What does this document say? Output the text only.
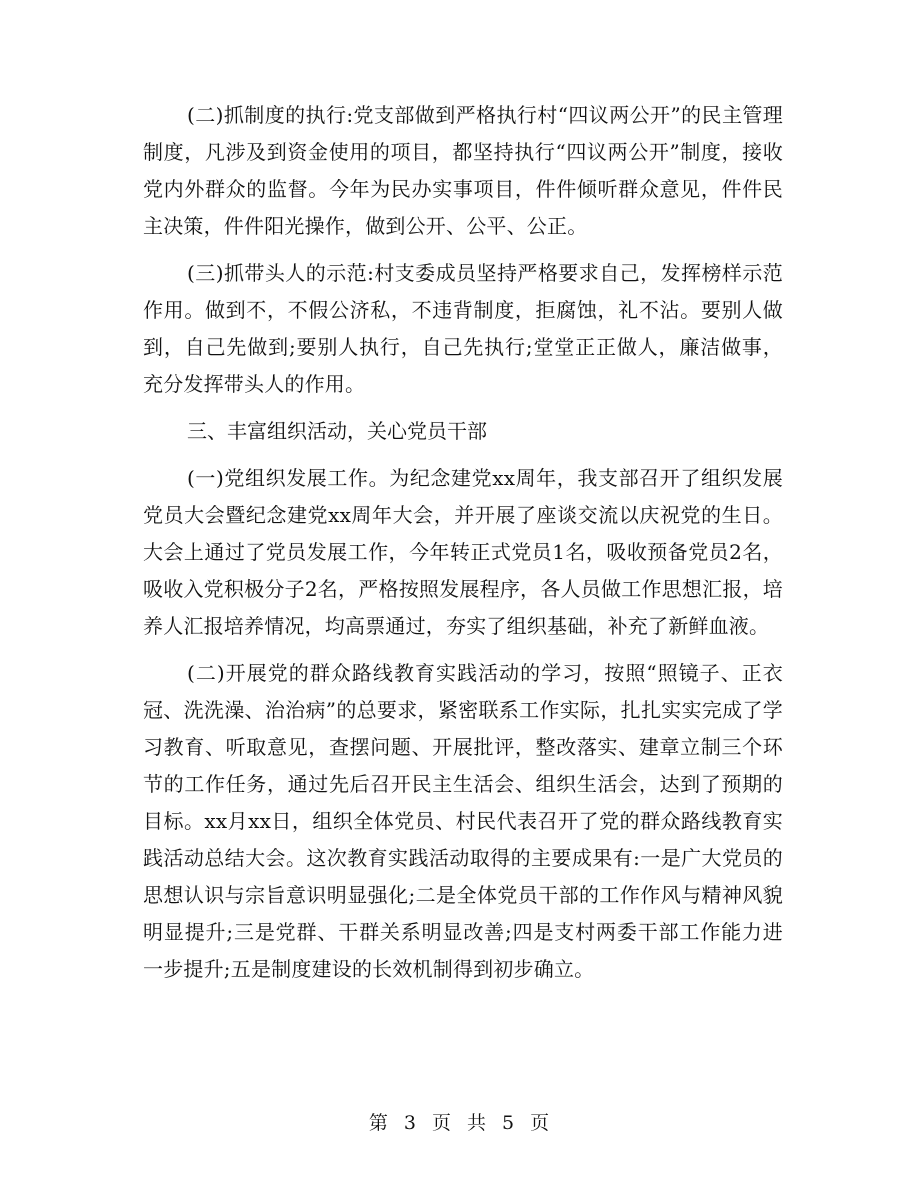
(二)抓制度的执行:党支部做到严格执行村“四议两公开”的民主管理制度，凡涉及到资金使用的项目，都坚持执行“四议两公开”制度，接收党内外群众的监督。今年为民办实事项目，件件倾听群众意见，件件民主决策，件件阳光操作，做到公开、公平、公正。

(三)抓带头人的示范:村支委成员坚持严格要求自己，发挥榜样示范作用。做到不，不假公济私，不违背制度，拒腐蚀，礼不沾。要别人做到，自己先做到;要别人执行，自己先执行;堂堂正正做人，廉洁做事，充分发挥带头人的作用。

三、丰富组织活动，关心党员干部

(一)党组织发展工作。为纪念建党xx周年，我支部召开了组织发展党员大会暨纪念建党xx周年大会，并开展了座谈交流以庆祝党的生日。大会上通过了党员发展工作，今年转正式党员1名，吸收预备党员2名，吸收入党积极分子2名，严格按照发展程序，各人员做工作思想汇报，培养人汇报培养情况，均高票通过，夯实了组织基础，补充了新鲜血液。

(二)开展党的群众路线教育实践活动的学习，按照“照镜子、正衣冠、洗洗澡、治治病”的总要求，紧密联系工作实际，扎扎实实完成了学习教育、听取意见，查摆问题、开展批评，整改落实、建章立制三个环节的工作任务，通过先后召开民主生活会、组织生活会，达到了预期的目标。xx月xx日，组织全体党员、村民代表召开了党的群众路线教育实践活动总结大会。这次教育实践活动取得的主要成果有:一是广大党员的思想认识与宗旨意识明显强化;二是全体党员干部的工作作风与精神风貌明显提升;三是党群、干群关系明显改善;四是支村两委干部工作能力进一步提升;五是制度建设的长效机制得到初步确立。

第 3 页 共 5 页
